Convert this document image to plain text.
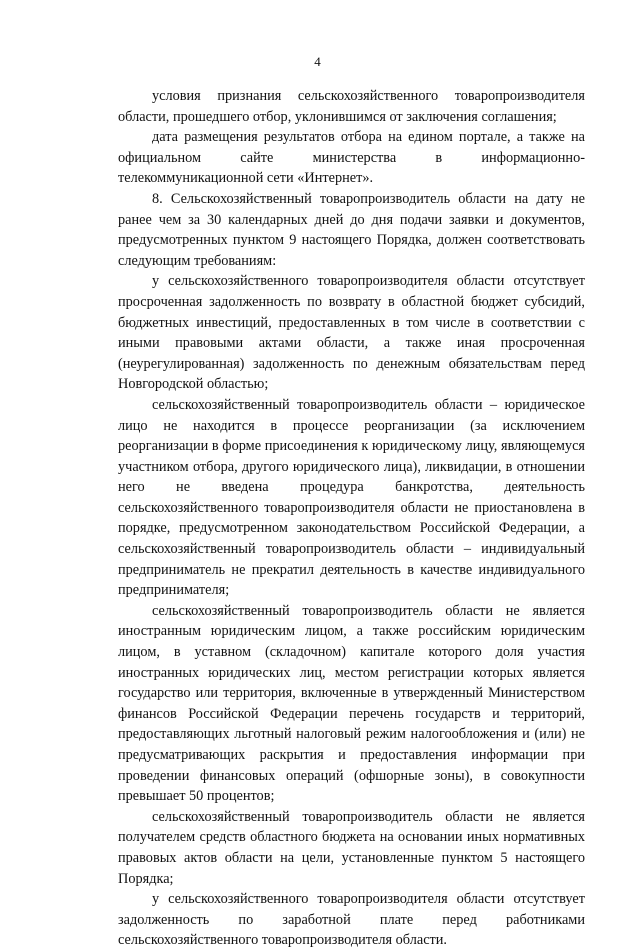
4

условия признания сельскохозяйственного товаропроизводителя области, прошедшего отбор, уклонившимся от заключения соглашения;

дата размещения результатов отбора на едином портале, а также на официальном сайте министерства в информационно-телекоммуникационной сети «Интернет».

8. Сельскохозяйственный товаропроизводитель области на дату не ранее чем за 30 календарных дней до дня подачи заявки и документов, предусмотренных пунктом 9 настоящего Порядка, должен соответствовать следующим требованиям:

у сельскохозяйственного товаропроизводителя области отсутствует просроченная задолженность по возврату в областной бюджет субсидий, бюджетных инвестиций, предоставленных в том числе в соответствии с иными правовыми актами области, а также иная просроченная (неурегулированная) задолженность по денежным обязательствам перед Новгородской областью;

сельскохозяйственный товаропроизводитель области – юридическое лицо не находится в процессе реорганизации (за исключением реорганизации в форме присоединения к юридическому лицу, являющемуся участником отбора, другого юридического лица), ликвидации, в отношении него не введена процедура банкротства, деятельность сельскохозяйственного товаропроизводителя области не приостановлена в порядке, предусмотренном законодательством Российской Федерации, а сельскохозяйственный товаропроизводитель области – индивидуальный предприниматель не прекратил деятельность в качестве индивидуального предпринимателя;

сельскохозяйственный товаропроизводитель области не является иностранным юридическим лицом, а также российским юридическим лицом, в уставном (складочном) капитале которого доля участия иностранных юридических лиц, местом регистрации которых является государство или территория, включенные в утвержденный Министерством финансов Российской Федерации перечень государств и территорий, предоставляющих льготный налоговый режим налогообложения и (или) не предусматривающих раскрытия и предоставления информации при проведении финансовых операций (офшорные зоны), в совокупности превышает 50 процентов;

сельскохозяйственный товаропроизводитель области не является получателем средств областного бюджета на основании иных нормативных правовых актов области на цели, установленные пунктом 5 настоящего Порядка;

у сельскохозяйственного товаропроизводителя области отсутствует задолженность по заработной плате перед работниками сельскохозяйственного товаропроизводителя области.
